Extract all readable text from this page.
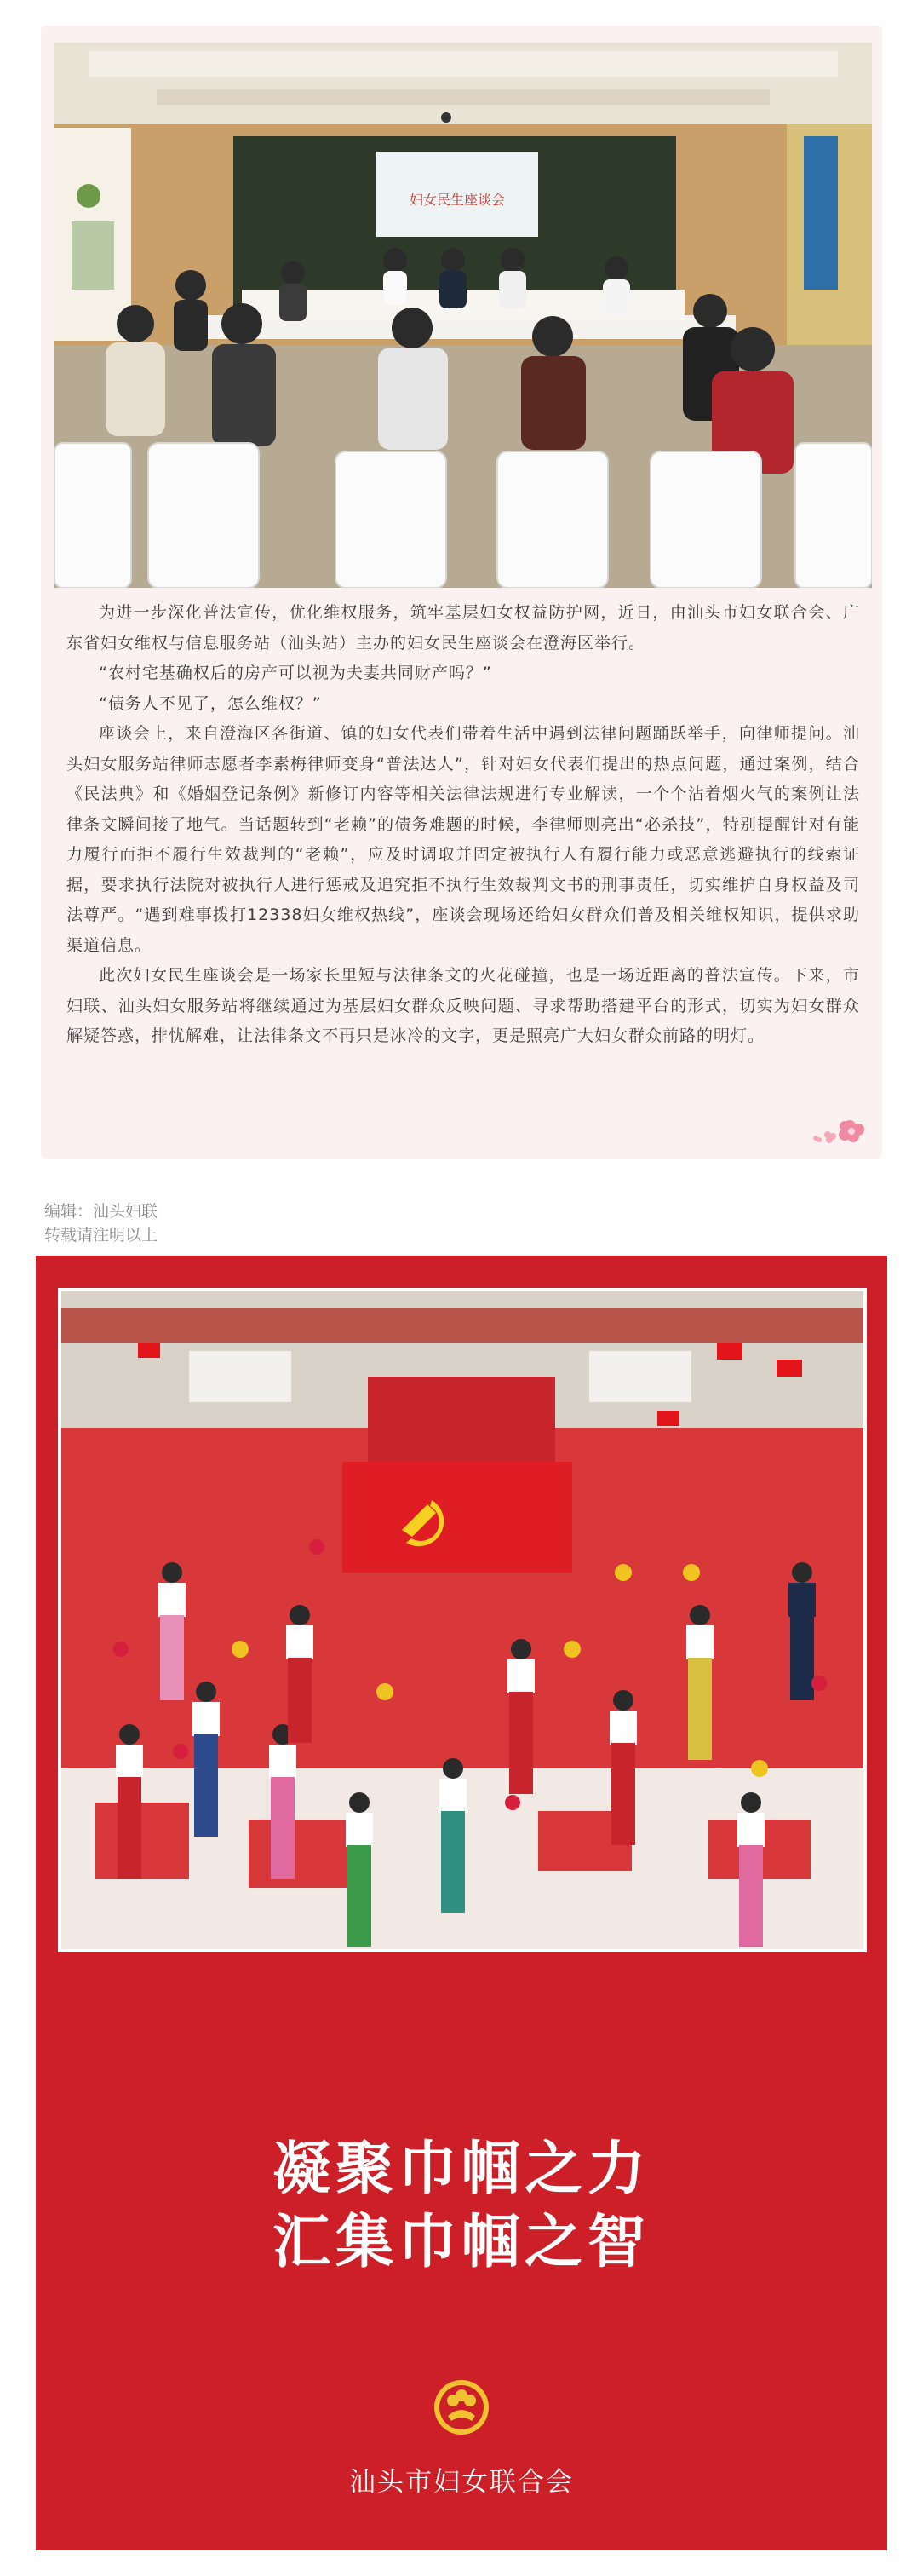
妇女民生座谈会

为进一步深化普法宣传，优化维权服务，筑牢基层妇女权益防护网，近日，由汕头市妇女联合会、广东省妇女维权与信息服务站（汕头站）主办的妇女民生座谈会在澄海区举行。

“农村宅基确权后的房产可以视为夫妻共同财产吗？”

“债务人不见了，怎么维权？”

座谈会上，来自澄海区各街道、镇的妇女代表们带着生活中遇到法律问题踊跃举手，向律师提问。汕头妇女服务站律师志愿者李素梅律师变身“普法达人”，针对妇女代表们提出的热点问题，通过案例，结合《民法典》和《婚姻登记条例》新修订内容等相关法律法规进行专业解读，一个个沾着烟火气的案例让法律条文瞬间接了地气。当话题转到“老赖”的债务难题的时候，李律师则亮出“必杀技”，特别提醒针对有能力履行而拒不履行生效裁判的“老赖”，应及时调取并固定被执行人有履行能力或恶意逃避执行的线索证据，要求执行法院对被执行人进行惩戒及追究拒不执行生效裁判文书的刑事责任，切实维护自身权益及司法尊严。“遇到难事拨打12338妇女维权热线”，座谈会现场还给妇女群众们普及相关维权知识，提供求助渠道信息。

此次妇女民生座谈会是一场家长里短与法律条文的火花碰撞，也是一场近距离的普法宣传。下来，市妇联、汕头妇女服务站将继续通过为基层妇女群众反映问题、寻求帮助搭建平台的形式，切实为妇女群众解疑答惑，排忧解难，让法律条文不再只是冰冷的文字，更是照亮广大妇女群众前路的明灯。

编辑：汕头妇联
转载请注明以上
凝聚巾帼之力
汇集巾帼之智
汕头市妇女联合会
